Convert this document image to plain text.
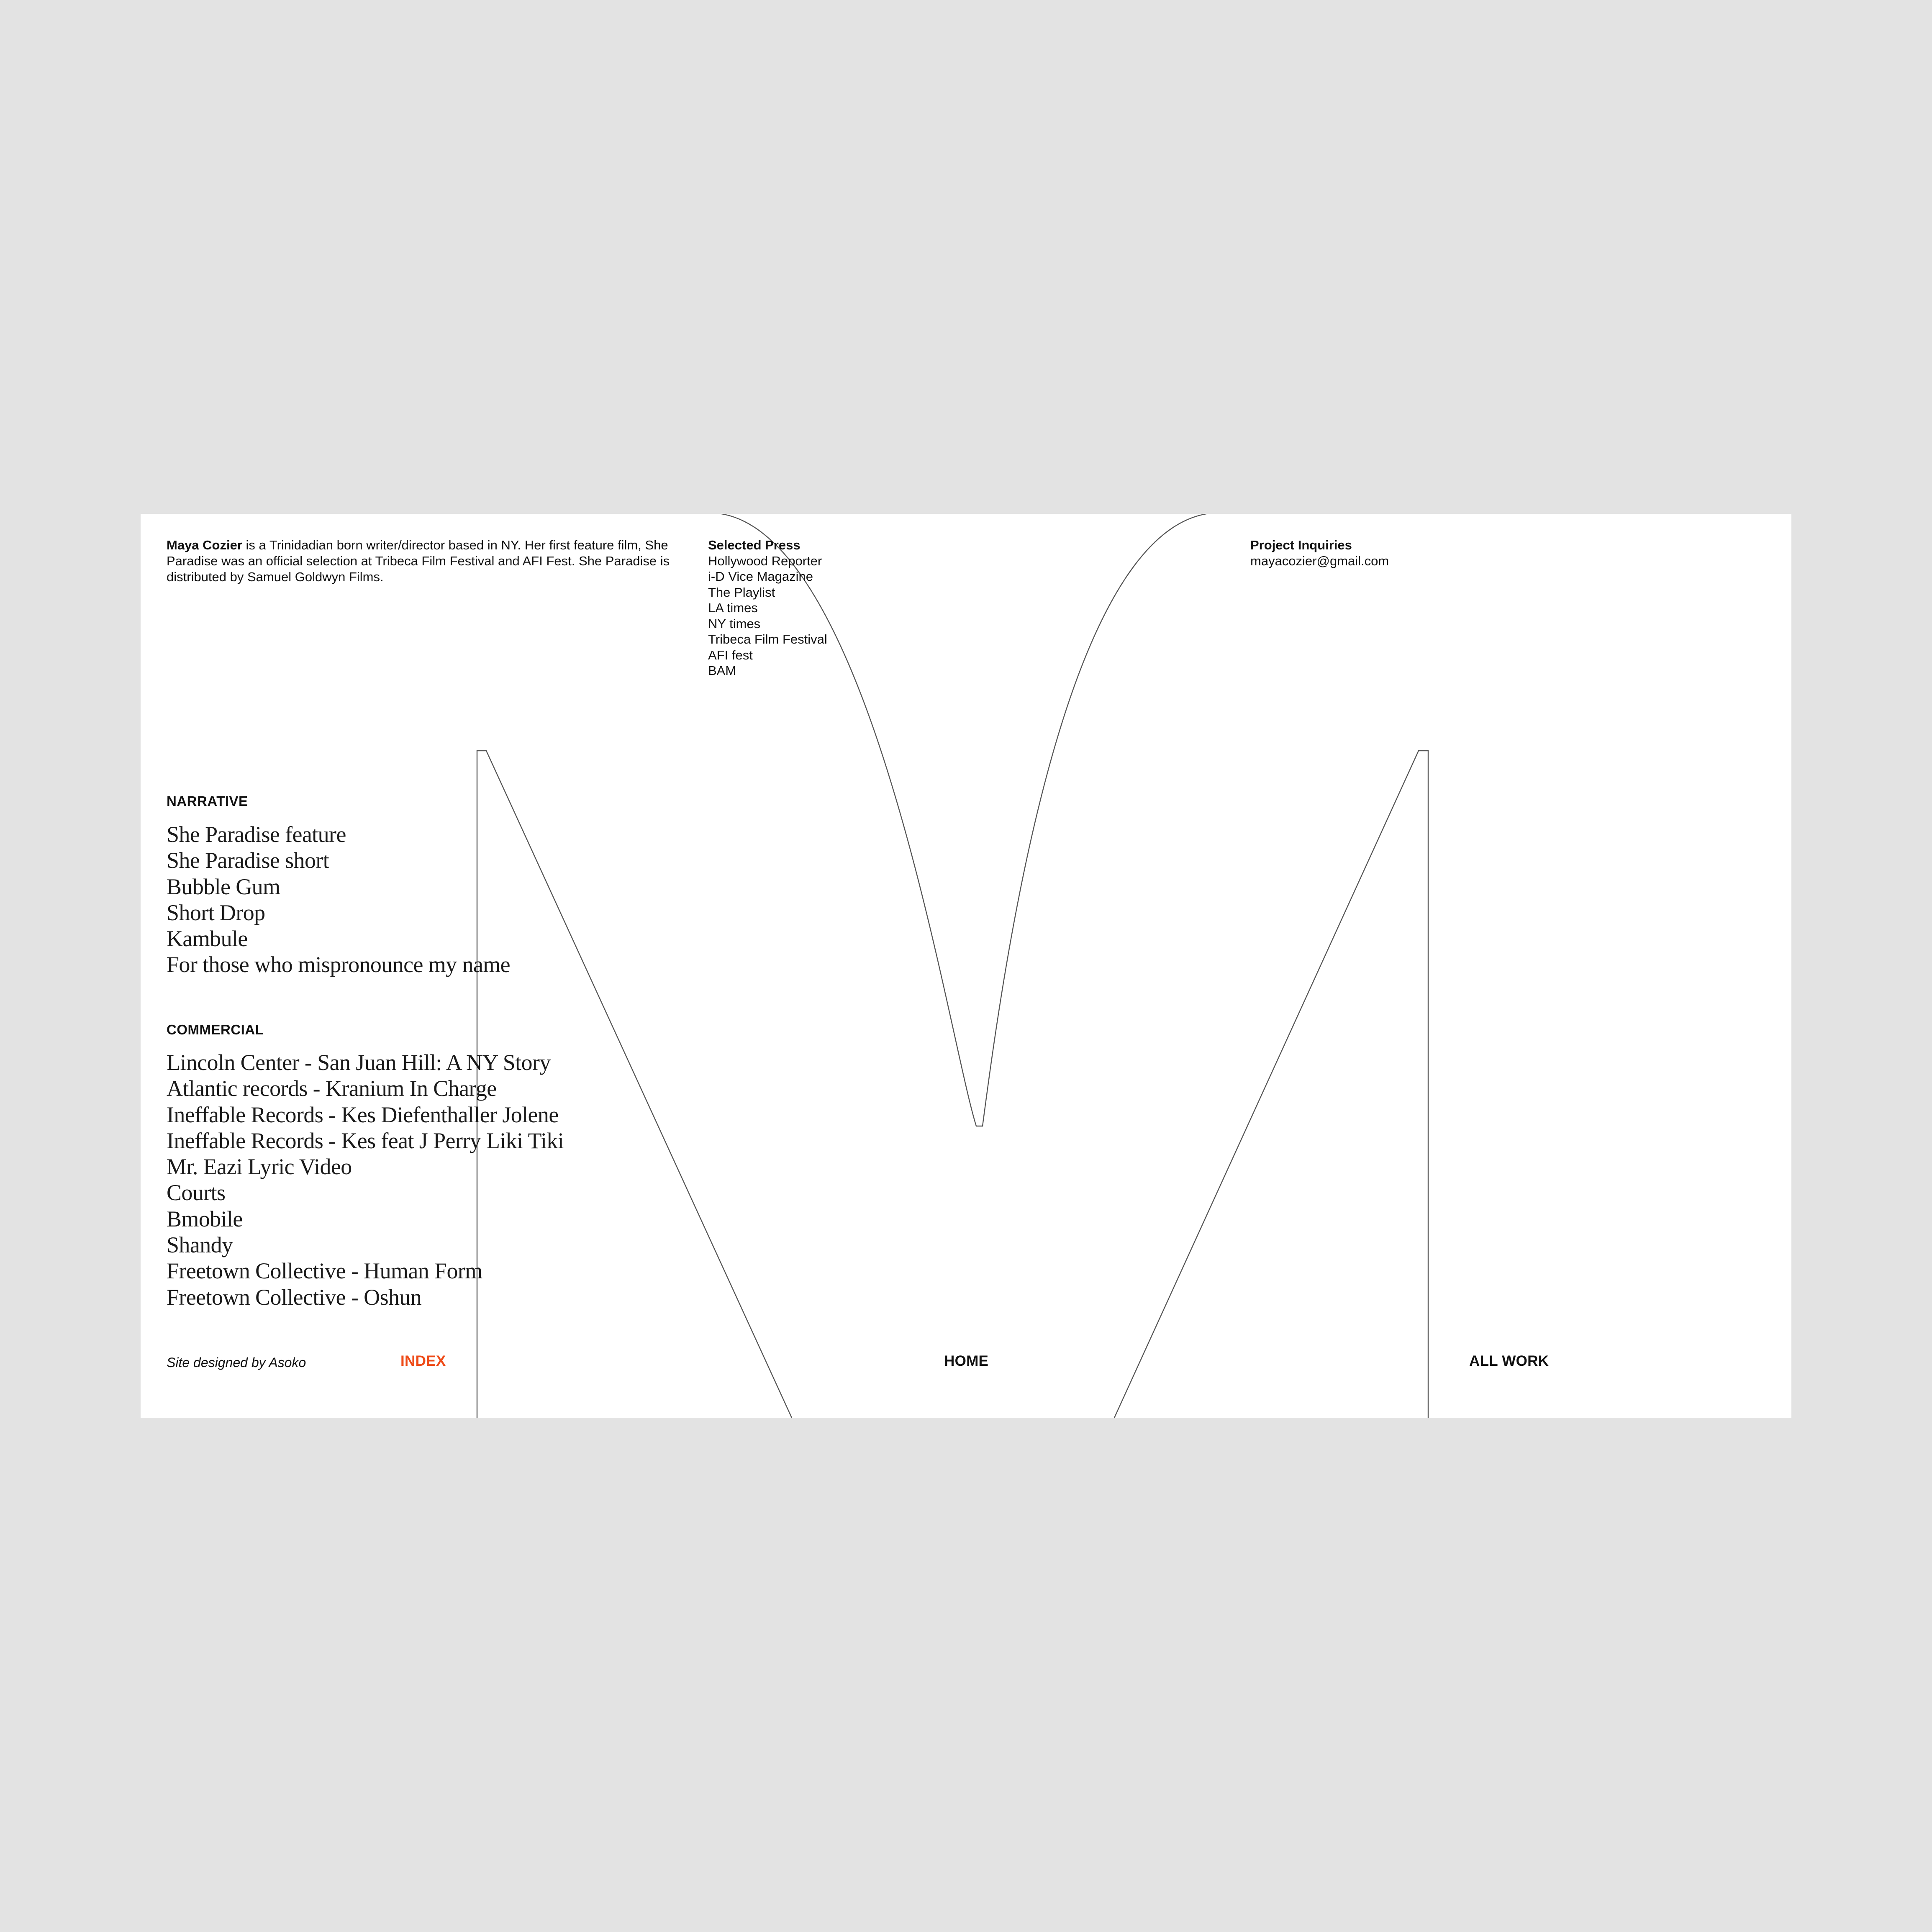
Maya Cozier is a Trinidadian born writer/director based in NY. Her first feature film, She Paradise was an official selection at Tribeca Film Festival and AFI Fest. She Paradise is distributed by Samuel Goldwyn Films.
Selected Press
Hollywood Reporter
i-D Vice Magazine
The Playlist
LA times
NY times
Tribeca Film Festival
AFI fest
BAM
Project Inquiries
mayacozier@gmail.com
NARRATIVE
She Paradise feature
She Paradise short
Bubble Gum
Short Drop
Kambule
For those who mispronounce my name
COMMERCIAL
Lincoln Center - San Juan Hill: A NY Story
Atlantic records - Kranium In Charge
Ineffable Records - Kes Diefenthaller Jolene
Ineffable Records - Kes feat J Perry Liki Tiki
Mr. Eazi Lyric Video
Courts
Bmobile
Shandy
Freetown Collective - Human Form
Freetown Collective - Oshun
Site designed by Asoko	INDEX	HOME	ALL WORK
